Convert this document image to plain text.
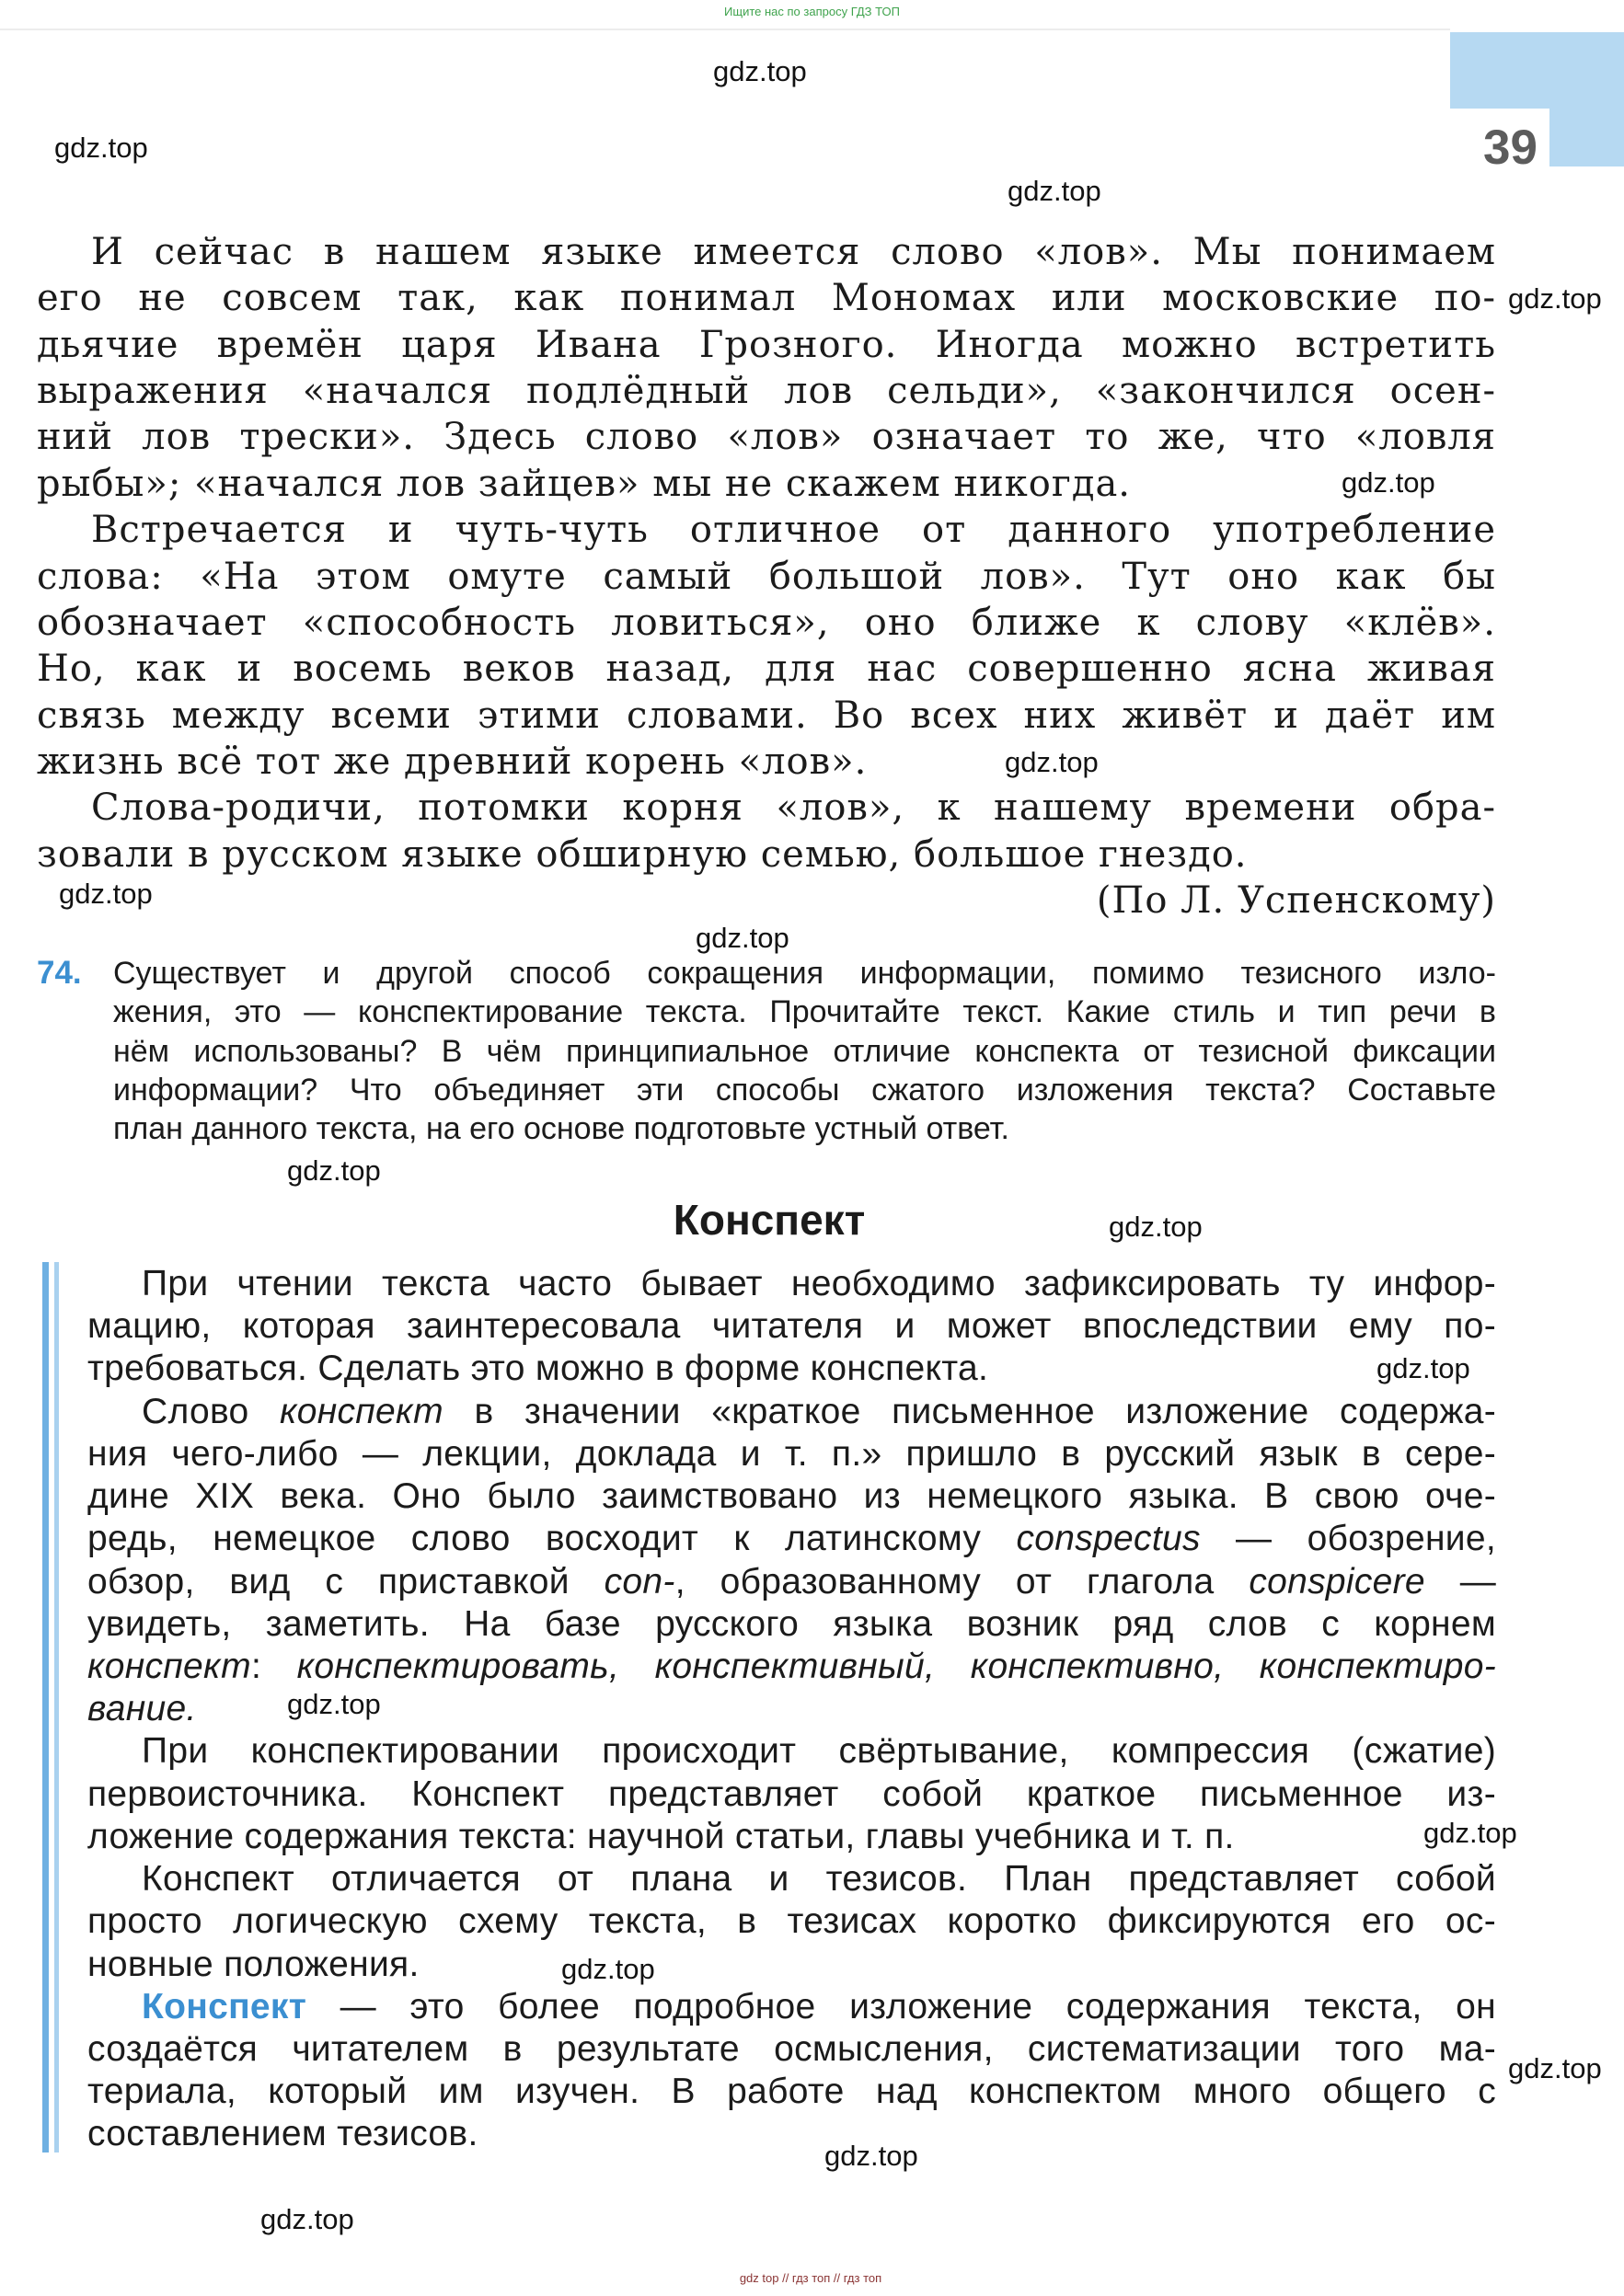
Ищите нас по запросу ГДЗ ТОП
39
И сейчас в нашем языке имеется слово «лов». Мы понимаем
его не совсем так, как понимал Мономах или московские по-
дьячие времён царя Ивана Грозного. Иногда можно встретить
выражения «начался подлёдный лов сельди», «закончился осен-
ний лов трески». Здесь слово «лов» означает то же, что «ловля
рыбы»; «начался лов зайцев» мы не скажем никогда.
Встречается и чуть-чуть отличное от данного употребление
слова: «На этом омуте самый большой лов». Тут оно как бы
обозначает «способность ловиться», оно ближе к слову «клёв».
Но, как и восемь веков назад, для нас совершенно ясна живая
связь между всеми этими словами. Во всех них живёт и даёт им
жизнь всё тот же древний корень «лов».
Слова-родичи, потомки корня «лов», к нашему времени обра-
зовали в русском языке обширную семью, большое гнездо.
(По Л. Успенскому)
74. Существует и другой способ сокращения информации, помимо тезисного изло-
жения, это — конспектирование текста. Прочитайте текст. Какие стиль и тип речи в
нём использованы? В чём принципиальное отличие конспекта от тезисной фиксации
информации? Что объединяет эти способы сжатого изложения текста? Составьте
план данного текста, на его основе подготовьте устный ответ.
Конспект
При чтении текста часто бывает необходимо зафиксировать ту инфор-
мацию, которая заинтересовала читателя и может впоследствии ему по-
требоваться. Сделать это можно в форме конспекта.
Слово конспект в значении «краткое письменное изложение содержа-
ния чего-либо — лекции, доклада и т. п.» пришло в русский язык в сере-
дине XIX века. Оно было заимствовано из немецкого языка. В свою оче-
редь, немецкое слово восходит к латинскому conspectus — обозрение,
обзор, вид с приставкой con-, образованному от глагола conspicere —
увидеть, заметить. На базе русского языка возник ряд слов с корнем
конспект: конспектировать, конспективный, конспективно, конспектиро-
вание.
При конспектировании происходит свёртывание, компрессия (сжатие)
первоисточника. Конспект представляет собой краткое письменное из-
ложение содержания текста: научной статьи, главы учебника и т. п.
Конспект отличается от плана и тезисов. План представляет собой
просто логическую схему текста, в тезисах коротко фиксируются его ос-
новные положения.
Конспект — это более подробное изложение содержания текста, он
создаётся читателем в результате осмысления, систематизации того ма-
териала, который им изучен. В работе над конспектом много общего с
составлением тезисов.
gdz.top
gdz.top
gdz.top
gdz.top
gdz.top
gdz.top
gdz.top
gdz.top
gdz.top
gdz.top
gdz.top
gdz.top
gdz.top
gdz.top
gdz.top
gdz.top
gdz.top
gdz top // гдз топ // гдз топ
